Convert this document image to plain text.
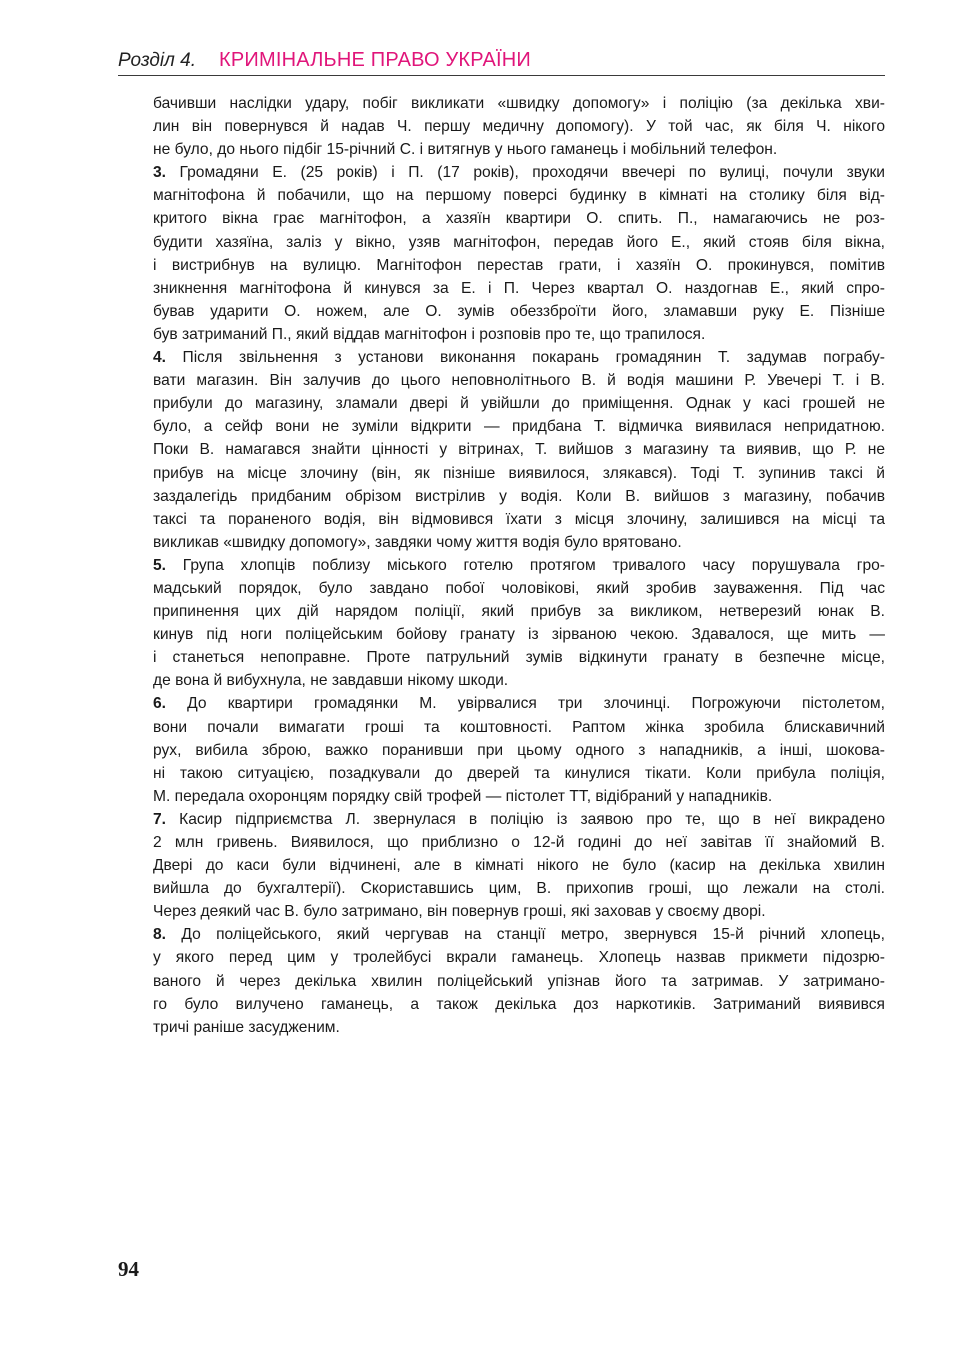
Розділ 4. КРИМІНАЛЬНЕ ПРАВО УКРАЇНИ
бачивши наслідки удару, побіг викликати «швидку допомогу» і поліцію (за декілька хви-
лин він повернувся й надав Ч. першу медичну допомогу). У той час, як біля Ч. нікого
не було, до нього підбіг 15-річний С. і витягнув у нього гаманець і мобільний телефон.
3. Громадяни Е. (25 років) і П. (17 років), проходячи ввечері по вулиці, почули звуки
магнітофона й побачили, що на першому поверсі будинку в кімнаті на столику біля від-
критого вікна грає магнітофон, а хазяїн квартири О. спить. П., намагаючись не роз-
будити хазяїна, заліз у вікно, узяв магнітофон, передав його Е., який стояв біля вікна,
і вистрибнув на вулицю. Магнітофон перестав грати, і хазяїн О. прокинувся, помітив
зникнення магнітофона й кинувся за Е. і П. Через квартал О. наздогнав Е., який спро-
бував ударити О. ножем, але О. зумів обеззброїти його, зламавши руку Е. Пізніше
був затриманий П., який віддав магнітофон і розповів про те, що трапилося.
4. Після звільнення з установи виконання покарань громадянин Т. задумав пограбу-
вати магазин. Він залучив до цього неповнолітнього В. й водія машини Р. Увечері Т. і В.
прибули до магазину, зламали двері й увійшли до приміщення. Однак у касі грошей не
було, а сейф вони не зуміли відкрити — придбана Т. відмичка виявилася непридатною.
Поки В. намагався знайти цінності у вітринах, Т. вийшов з магазину та виявив, що Р. не
прибув на місце злочину (він, як пізніше виявилося, злякався). Тоді Т. зупинив таксі й
заздалегідь придбаним обрізом вистрілив у водія. Коли В. вийшов з магазину, побачив
таксі та пораненого водія, він відмовився їхати з місця злочину, залишився на місці та
викликав «швидку допомогу», завдяки чому життя водія було врятовано.
5. Група хлопців поблизу міського готелю протягом тривалого часу порушувала гро-
мадський порядок, було завдано побої чоловікові, який зробив зауваження. Під час
припинення цих дій нарядом поліції, який прибув за викликом, нетверезий юнак В.
кинув під ноги поліцейським бойову гранату із зірваною чекою. Здавалося, ще мить —
і станеться непоправне. Проте патрульний зумів відкинути гранату в безпечне місце,
де вона й вибухнула, не завдавши нікому шкоди.
6. До квартири громадянки М. увірвалися три злочинці. Погрожуючи пістолетом,
вони почали вимагати гроші та коштовності. Раптом жінка зробила блискавичний
рух, вибила зброю, важко поранивши при цьому одного з нападників, а інші, шокова-
ні такою ситуацією, позадкували до дверей та кинулися тікати. Коли прибула поліція,
М. передала охоронцям порядку свій трофей — пістолет ТТ, відібраний у нападників.
7. Касир підприємства Л. звернулася в поліцію із заявою про те, що в неї викрадено
2 млн гривень. Виявилося, що приблизно о 12-й годині до неї завітав її знайомий В.
Двері до каси були відчинені, але в кімнаті нікого не було (касир на декілька хвилин
вийшла до бухгалтерії). Скориставшись цим, В. прихопив гроші, що лежали на столі.
Через деякий час В. було затримано, він повернув гроші, які заховав у своєму дворі.
8. До поліцейського, який чергував на станції метро, звернувся 15-й річний хлопець,
у якого перед цим у тролейбусі вкрали гаманець. Хлопець назвав прикмети підозрю-
ваного й через декілька хвилин поліцейський упізнав його та затримав. У затримано-
го було вилучено гаманець, а також декілька доз наркотиків. Затриманий виявився
тричі раніше засудженим.
94
